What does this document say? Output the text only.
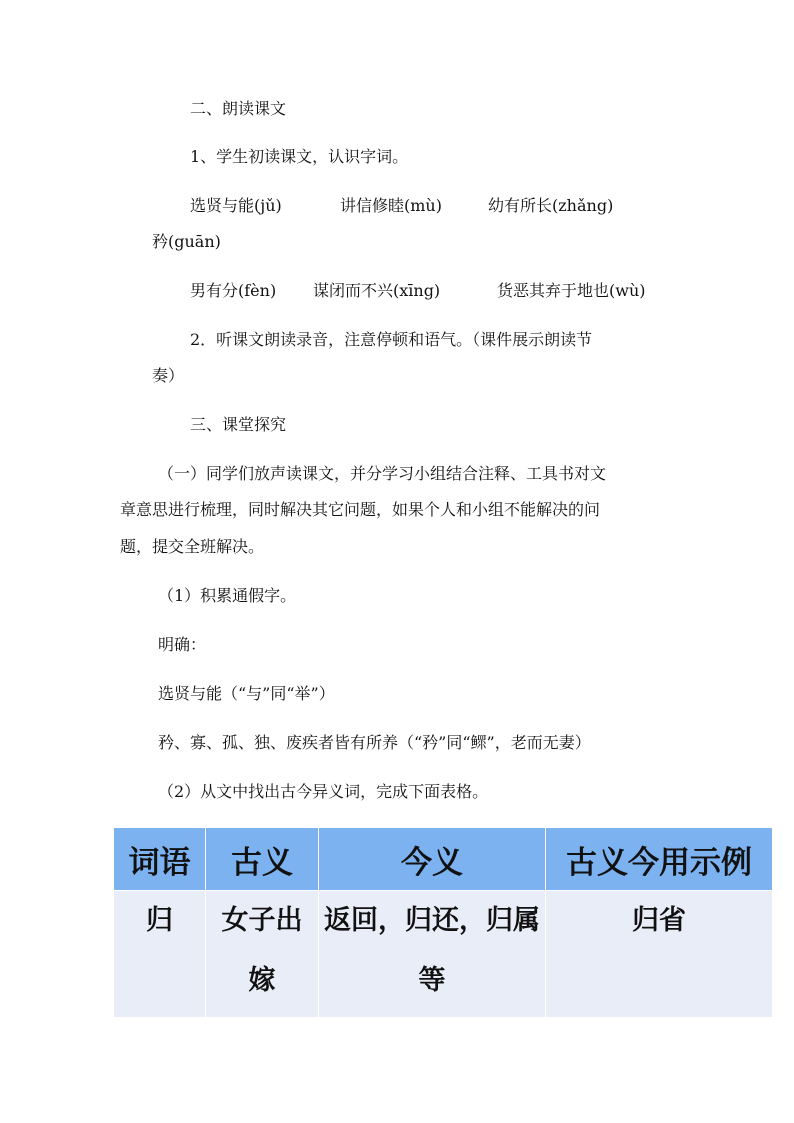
二、朗读课文
1、学生初读课文，认识字词。
选贤与能(jǔ)	讲信修睦(mù)	幼有所长(zhǎng)
矜(guān)
男有分(fèn) 谋闭而不兴(xīng)	货恶其弃于地也(wù)
2．听课文朗读录音，注意停顿和语气。（课件展示朗读节
奏）
三、课堂探究
（一）同学们放声读课文，并分学习小组结合注释、工具书对文
章意思进行梳理，同时解决其它问题，如果个人和小组不能解决的问
题，提交全班解决。
（1）积累通假字。
明确：
选贤与能（“与”同“举”）
矜、寡、孤、独、废疾者皆有所养（“矜”同“鳏”，老而无妻）
（2）从文中找出古今异义词，完成下面表格。
词语	古义	今义	古义今用示例
归	女子出嫁	返回，归还，归属等	归省
